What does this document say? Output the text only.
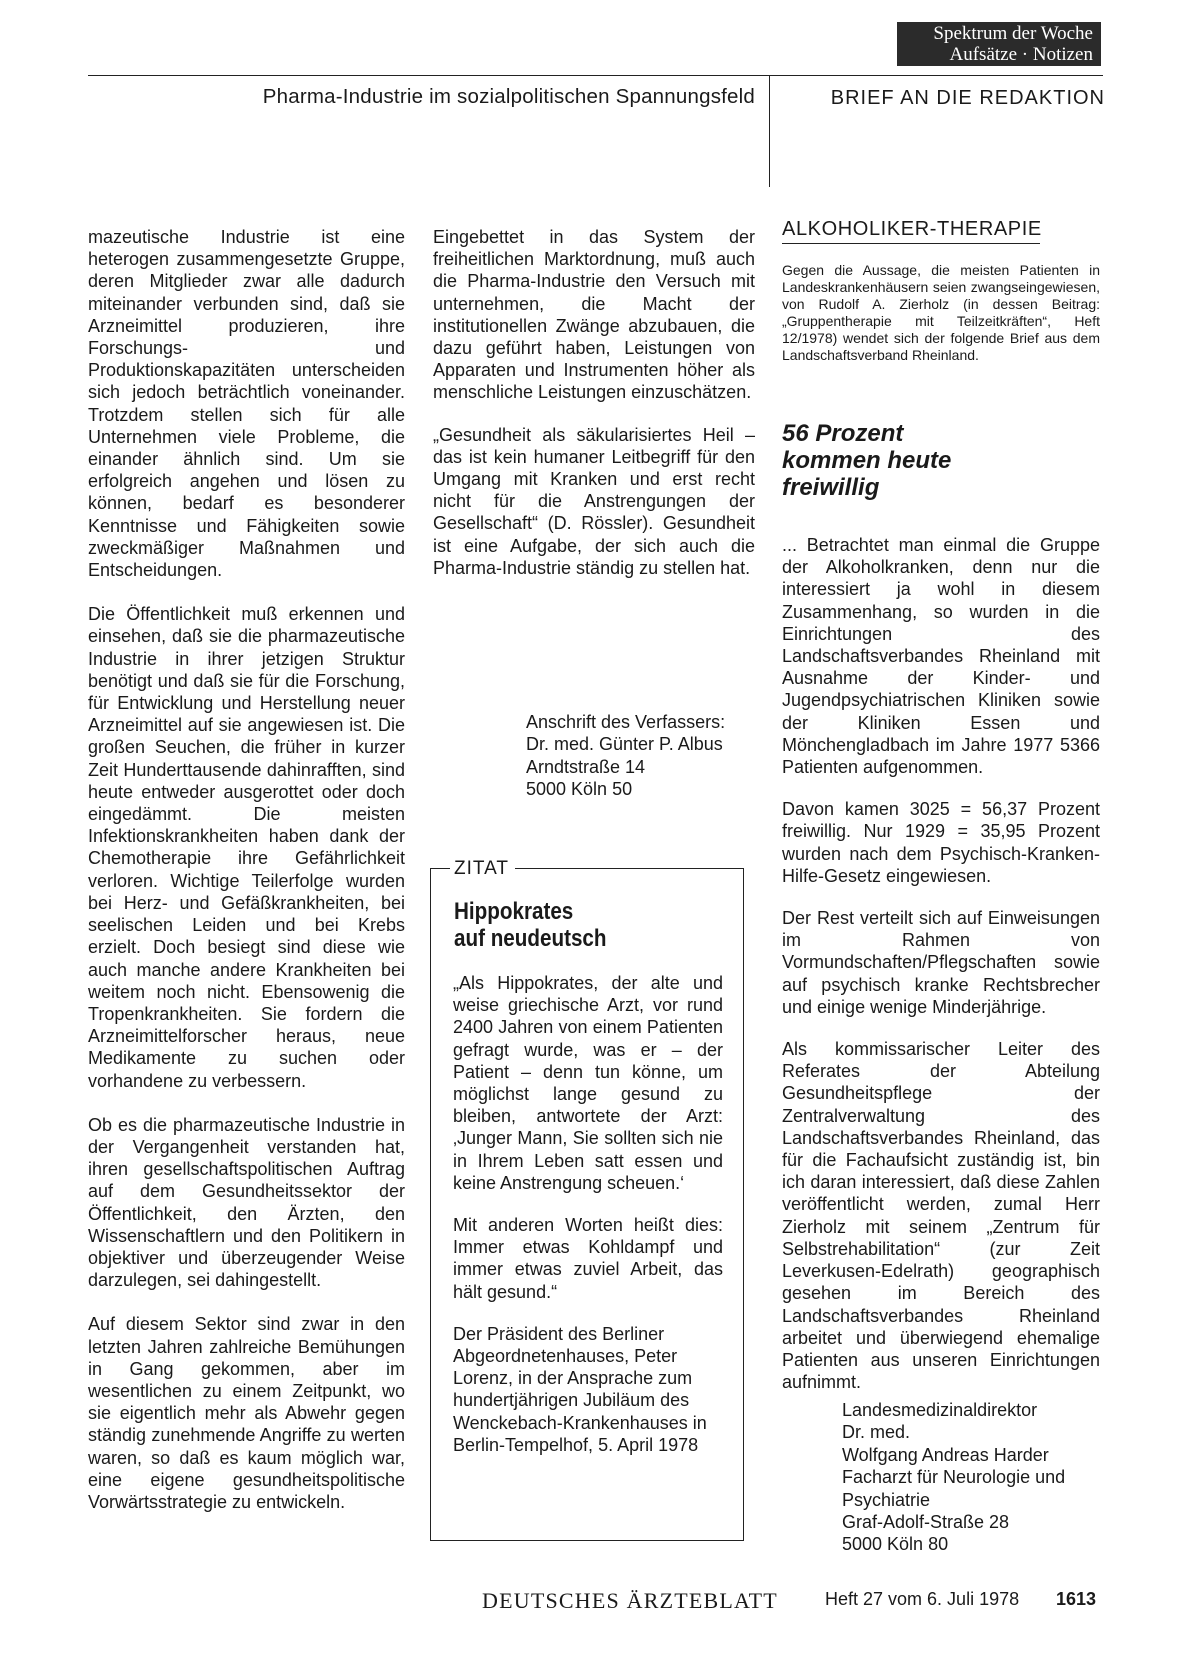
Spektrum der Woche
Aufsätze · Notizen
Pharma-Industrie im sozialpolitischen Spannungsfeld	BRIEF AN DIE REDAKTION

mazeutische Industrie ist eine heterogen zusammengesetzte Gruppe, deren Mitglieder zwar alle dadurch miteinander verbunden sind, daß sie Arzneimittel produzieren, ihre Forschungs- und Produktionskapazitäten unterscheiden sich jedoch beträchtlich voneinander. Trotzdem stellen sich für alle Unternehmen viele Probleme, die einander ähnlich sind. Um sie erfolgreich angehen und lösen zu können, bedarf es besonderer Kenntnisse und Fähigkeiten sowie zweckmäßiger Maßnahmen und Entscheidungen.

Die Öffentlichkeit muß erkennen und einsehen, daß sie die pharmazeutische Industrie in ihrer jetzigen Struktur benötigt und daß sie für die Forschung, für Entwicklung und Herstellung neuer Arzneimittel auf sie angewiesen ist. Die großen Seuchen, die früher in kurzer Zeit Hunderttausende dahinrafften, sind heute entweder ausgerottet oder doch eingedämmt. Die meisten Infektionskrankheiten haben dank der Chemotherapie ihre Gefährlichkeit verloren. Wichtige Teilerfolge wurden bei Herz- und Gefäßkrankheiten, bei seelischen Leiden und bei Krebs erzielt. Doch besiegt sind diese wie auch manche andere Krankheiten bei weitem noch nicht. Ebensowenig die Tropenkrankheiten. Sie fordern die Arzneimittelforscher heraus, neue Medikamente zu suchen oder vorhandene zu verbessern.

Ob es die pharmazeutische Industrie in der Vergangenheit verstanden hat, ihren gesellschaftspolitischen Auftrag auf dem Gesundheitssektor der Öffentlichkeit, den Ärzten, den Wissenschaftlern und den Politikern in objektiver und überzeugender Weise darzulegen, sei dahingestellt.

Auf diesem Sektor sind zwar in den letzten Jahren zahlreiche Bemühungen in Gang gekommen, aber im wesentlichen zu einem Zeitpunkt, wo sie eigentlich mehr als Abwehr gegen ständig zunehmende Angriffe zu werten waren, so daß es kaum möglich war, eine eigene gesundheitspolitische Vorwärtsstrategie zu entwickeln.

Eingebettet in das System der freiheitlichen Marktordnung, muß auch die Pharma-Industrie den Versuch mit unternehmen, die Macht der institutionellen Zwänge abzubauen, die dazu geführt haben, Leistungen von Apparaten und Instrumenten höher als menschliche Leistungen einzuschätzen.

„Gesundheit als säkularisiertes Heil – das ist kein humaner Leitbegriff für den Umgang mit Kranken und erst recht nicht für die Anstrengungen der Gesellschaft“ (D. Rössler). Gesundheit ist eine Aufgabe, der sich auch die Pharma-Industrie ständig zu stellen hat.

Anschrift des Verfassers:
Dr. med. Günter P. Albus
Arndtstraße 14
5000 Köln 50
ZITAT
Hippokrates
auf neudeutsch

„Als Hippokrates, der alte und weise griechische Arzt, vor rund 2400 Jahren von einem Patienten gefragt wurde, was er – der Patient – denn tun könne, um möglichst lange gesund zu bleiben, antwortete der Arzt: ‚Junger Mann, Sie sollten sich nie in Ihrem Leben satt essen und keine Anstrengung scheuen.‘

Mit anderen Worten heißt dies: Immer etwas Kohldampf und immer etwas zuviel Arbeit, das hält gesund.“

Der Präsident des Berliner Abgeordnetenhauses, Peter Lorenz, in der Ansprache zum hundertjährigen Jubiläum des Wenckebach-Krankenhauses in Berlin-Tempelhof, 5. April 1978

ALKOHOLIKER-THERAPIE
Gegen die Aussage, die meisten Patienten in Landeskrankenhäusern seien zwangseingewiesen, von Rudolf A. Zierholz (in dessen Beitrag: „Gruppentherapie mit Teilzeitkräften“, Heft 12/1978) wendet sich der folgende Brief aus dem Landschaftsverband Rheinland.
56 Prozent
kommen heute
freiwillig

... Betrachtet man einmal die Gruppe der Alkoholkranken, denn nur die interessiert ja wohl in diesem Zusammenhang, so wurden in die Einrichtungen des Landschaftsverbandes Rheinland mit Ausnahme der Kinder- und Jugendpsychiatrischen Kliniken sowie der Kliniken Essen und Mönchengladbach im Jahre 1977 5366 Patienten aufgenommen.

Davon kamen 3025 = 56,37 Prozent freiwillig. Nur 1929 = 35,95 Prozent wurden nach dem Psychisch-Kranken-Hilfe-Gesetz eingewiesen.

Der Rest verteilt sich auf Einweisungen im Rahmen von Vormundschaften/Pflegschaften sowie auf psychisch kranke Rechtsbrecher und einige wenige Minderjährige.

Als kommissarischer Leiter des Referates der Abteilung Gesundheitspflege der Zentralverwaltung des Landschaftsverbandes Rheinland, das für die Fachaufsicht zuständig ist, bin ich daran interessiert, daß diese Zahlen veröffentlicht werden, zumal Herr Zierholz mit seinem „Zentrum für Selbstrehabilitation“ (zur Zeit Leverkusen-Edelrath) geographisch gesehen im Bereich des Landschaftsverbandes Rheinland arbeitet und überwiegend ehemalige Patienten aus unseren Einrichtungen aufnimmt.

Landesmedizinaldirektor
Dr. med.
Wolfgang Andreas Harder
Facharzt für Neurologie und
Psychiatrie
Graf-Adolf-Straße 28
5000 Köln 80
DEUTSCHES ÄRZTEBLATT	Heft 27 vom 6. Juli 1978 1613
